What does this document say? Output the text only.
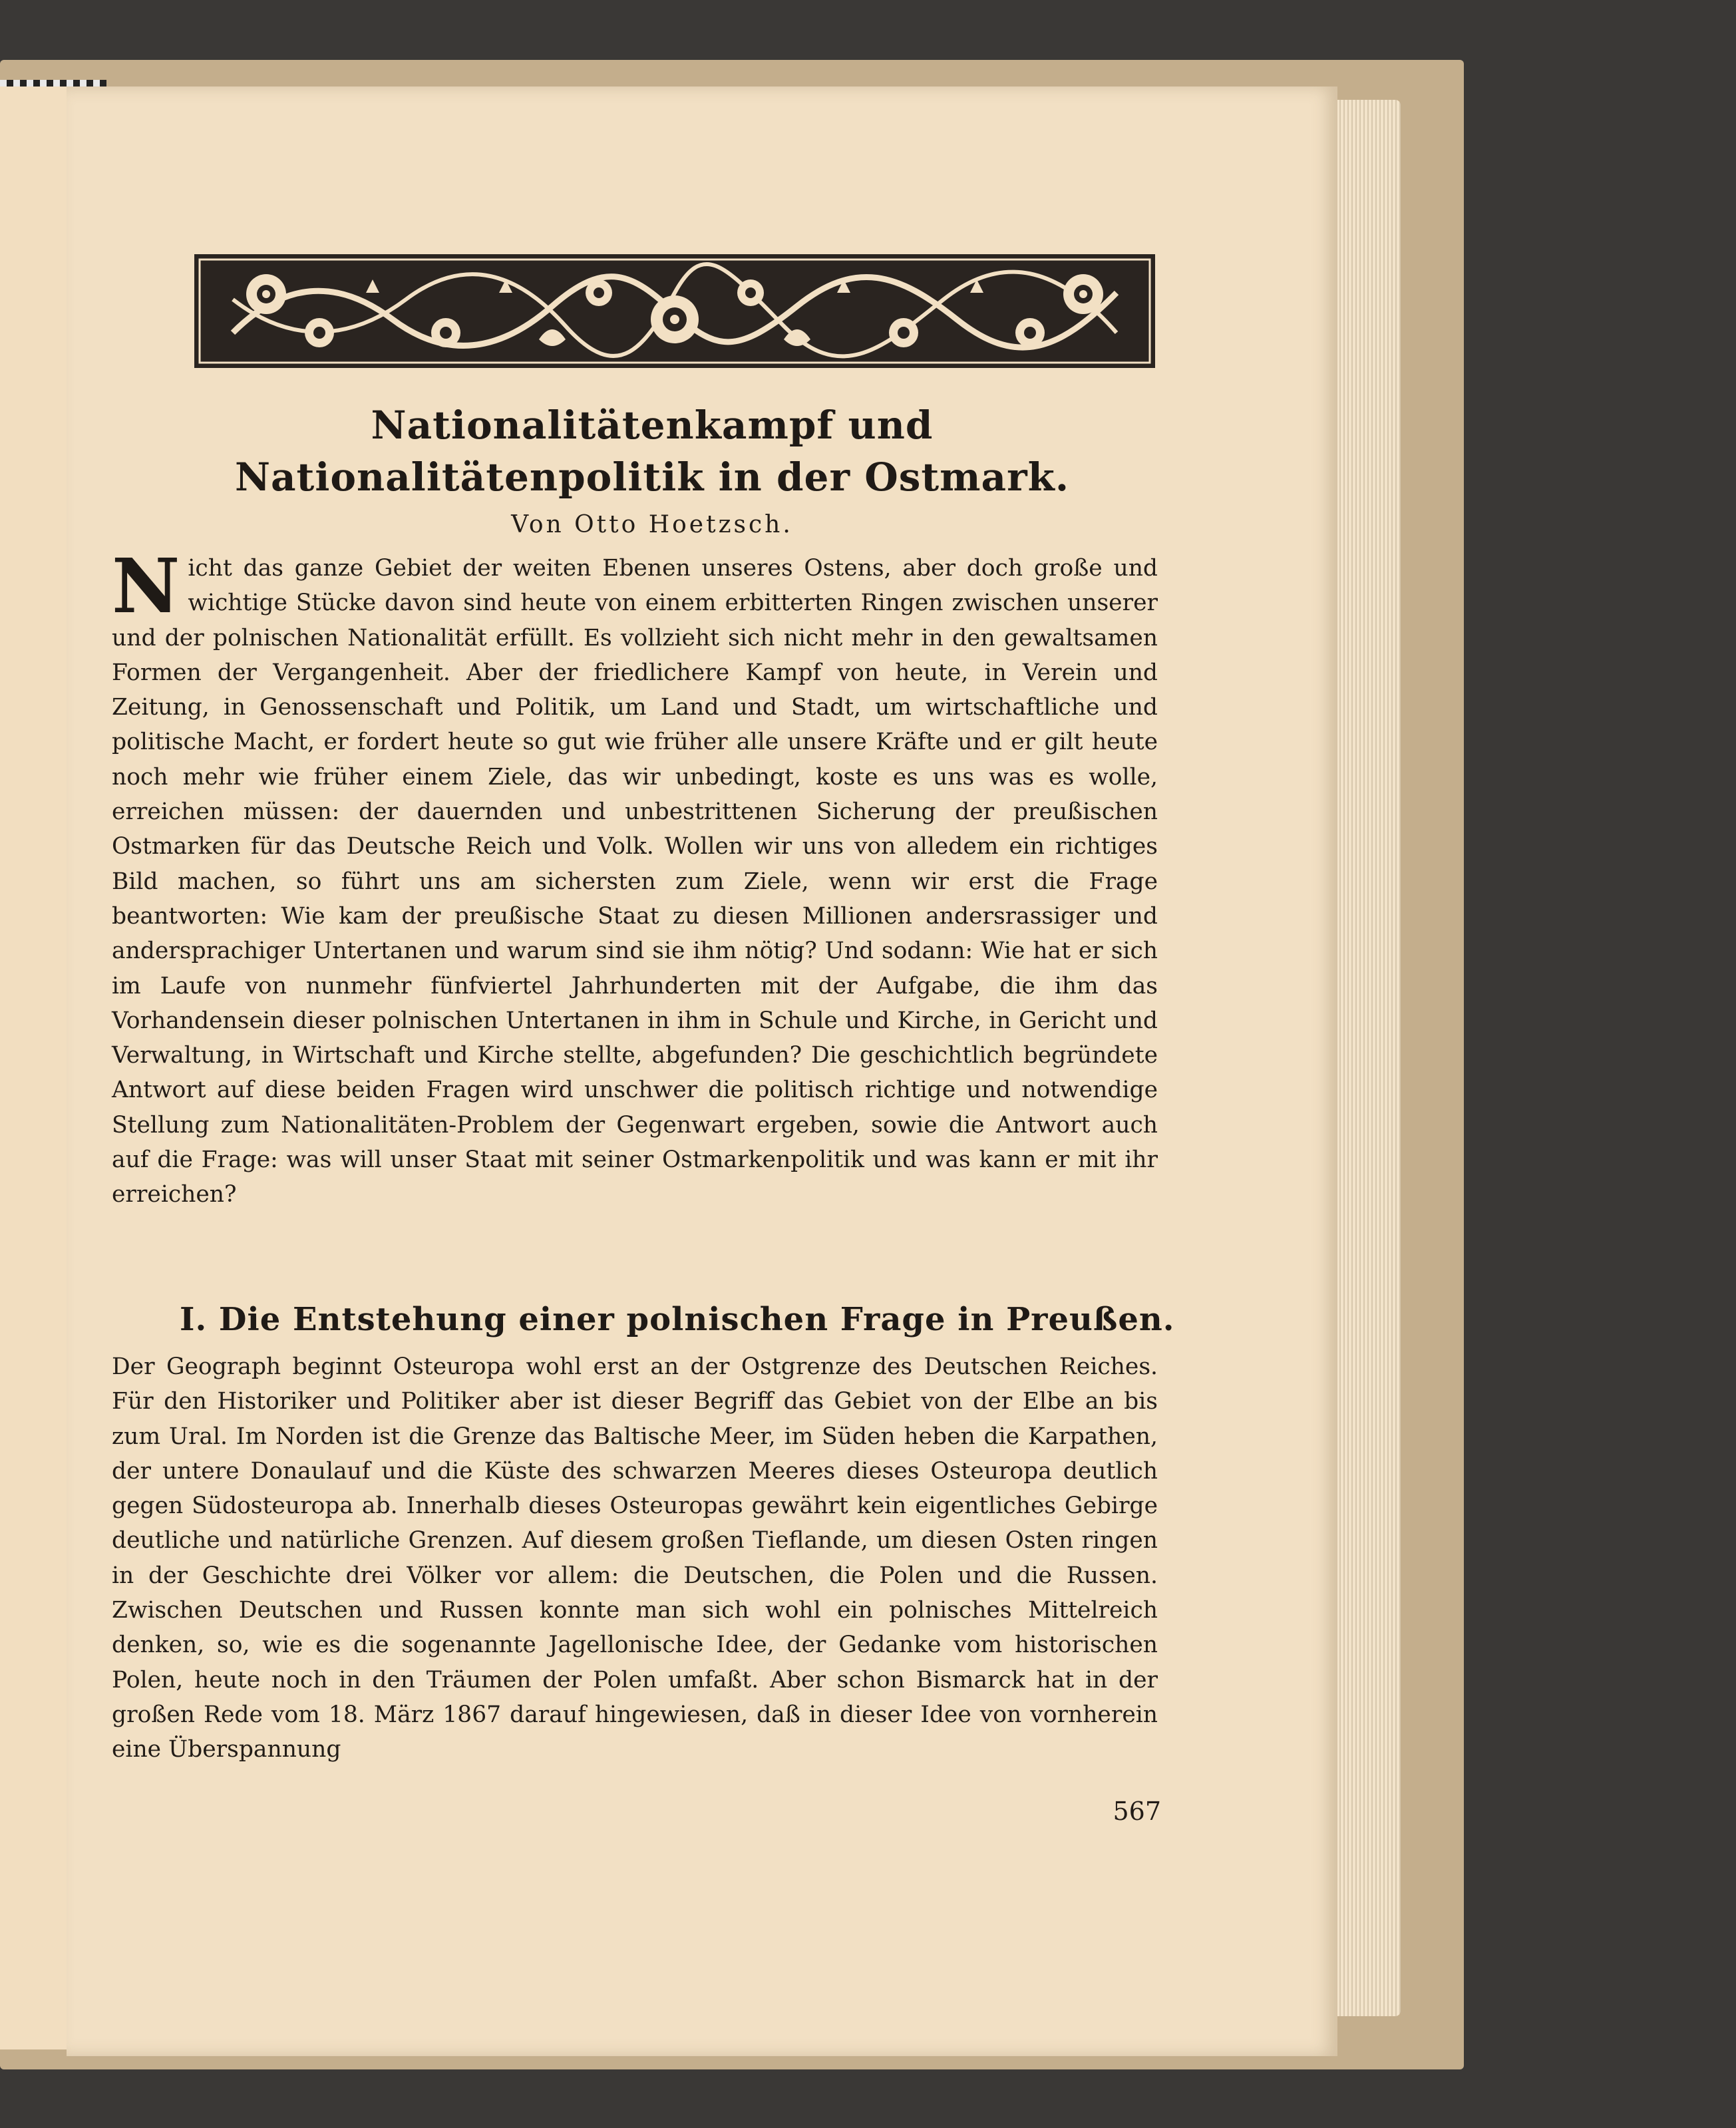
Nationalitätenkampf und Nationalitätenpolitik in der Ostmark.
Von Otto Hoetzsch.
N icht das ganze Gebiet der weiten Ebenen unseres Ostens, aber doch große und wichtige Stücke davon sind heute von einem erbitterten Ringen zwischen unserer und der polnischen Nationalität erfüllt. Es vollzieht sich nicht mehr in den gewaltsamen Formen der Vergangenheit. Aber der friedlichere Kampf von heute, in Verein und Zeitung, in Genossenschaft und Politik, um Land und Stadt, um wirtschaftliche und politische Macht, er fordert heute so gut wie früher alle unsere Kräfte und er gilt heute noch mehr wie früher einem Ziele, das wir unbedingt, koste es uns was es wolle, erreichen müssen: der dauernden und unbestrittenen Sicherung der preußischen Ostmarken für das Deutsche Reich und Volk. Wollen wir uns von alledem ein richtiges Bild machen, so führt uns am sichersten zum Ziele, wenn wir erst die Frage beantworten: Wie kam der preußische Staat zu diesen Millionen andersrassiger und andersprachiger Untertanen und warum sind sie ihm nötig? Und sodann: Wie hat er sich im Laufe von nunmehr fünfviertel Jahrhunderten mit der Aufgabe, die ihm das Vorhandensein dieser polnischen Untertanen in ihm in Schule und Kirche, in Gericht und Verwaltung, in Wirtschaft und Kirche stellte, abgefunden? Die geschichtlich begründete Antwort auf diese beiden Fragen wird unschwer die politisch richtige und notwendige Stellung zum Nationalitäten-Problem der Gegenwart ergeben, sowie die Antwort auch auf die Frage: was will unser Staat mit seiner Ostmarkenpolitik und was kann er mit ihr erreichen?
I. Die Entstehung einer polnischen Frage in Preußen.
Der Geograph beginnt Osteuropa wohl erst an der Ostgrenze des Deutschen Reiches. Für den Historiker und Politiker aber ist dieser Begriff das Gebiet von der Elbe an bis zum Ural. Im Norden ist die Grenze das Baltische Meer, im Süden heben die Karpathen, der untere Donaulauf und die Küste des schwarzen Meeres dieses Osteuropa deutlich gegen Südosteuropa ab. Innerhalb dieses Osteuropas gewährt kein eigentliches Gebirge deutliche und natürliche Grenzen. Auf diesem großen Tieflande, um diesen Osten ringen in der Geschichte drei Völker vor allem: die Deutschen, die Polen und die Russen. Zwischen Deutschen und Russen konnte man sich wohl ein polnisches Mittelreich denken, so, wie es die sogenannte Jagellonische Idee, der Gedanke vom historischen Polen, heute noch in den Träumen der Polen umfaßt. Aber schon Bismarck hat in der großen Rede vom 18. März 1867 darauf hingewiesen, daß in dieser Idee von vornherein eine Überspannung
567
